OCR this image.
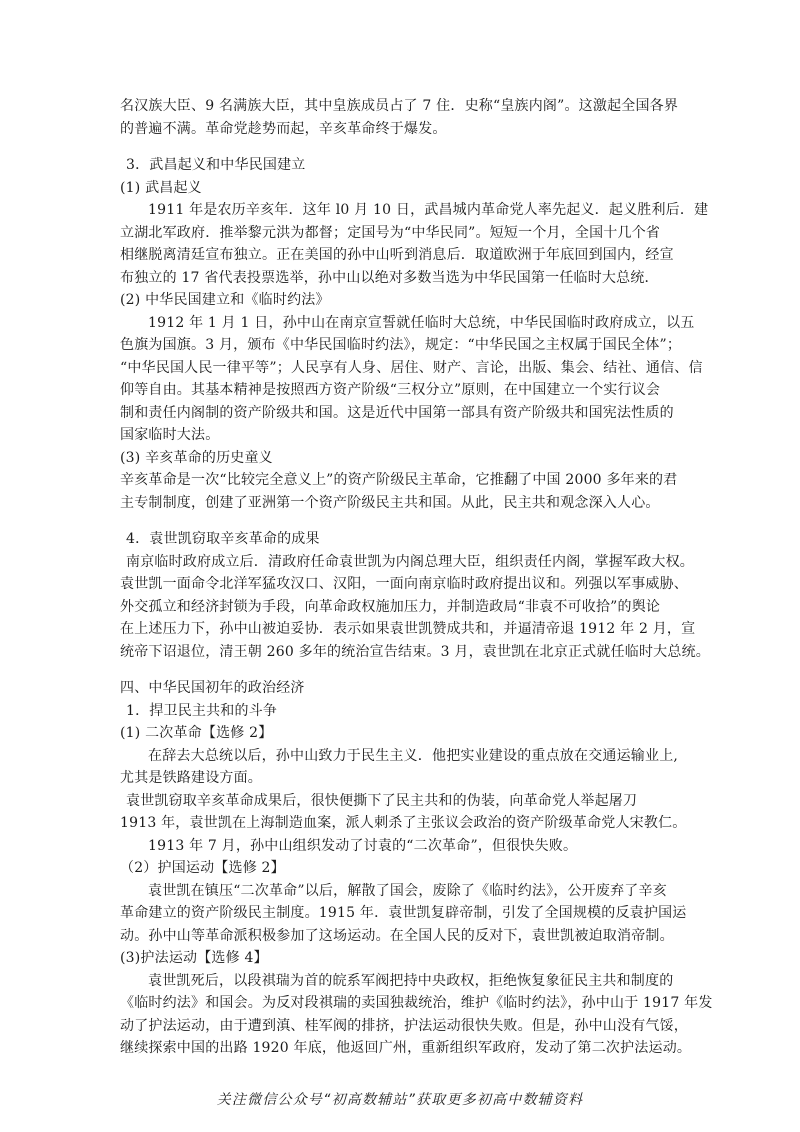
名汉族大臣、9 名满族大臣，其中皇族成员占了 7 住．史称“皇族内阁”。这激起全国各界
的普遍不满。革命党趁势而起，辛亥革命终于爆发。
3．武昌起义和中华民国建立
(1) 武昌起义
1911 年是农历辛亥年．这年 l0 月 10 日，武昌城内革命党人率先起义．起义胜利后．建
立湖北军政府．推举黎元洪为都督；定国号为“中华民同”。短短一个月，全国十几个省
相继脱离清廷宣布独立。正在美国的孙中山听到消息后．取道欧洲于年底回到国内，经宣
布独立的 17 省代表投票选举，孙中山以绝对多数当选为中华民国第一任临时大总统．
(2) 中华民国建立和《临时约法》
1912 年 1 月 1 日，孙中山在南京宣誓就任临时大总统，中华民国临时政府成立，以五
色旗为国旗。3 月，颁布《中华民国临时约法》，规定：“中华民国之主权属于国民全体”；
“中华民国人民一律平等”；人民享有人身、居住、财产、言论，出版、集会、结社、通信、信
仰等自由。其基本精神是按照西方资产阶级“三权分立”原则，在中国建立一个实行议会
制和责任内阁制的资产阶级共和国。这是近代中国第一部具有资产阶级共和国宪法性质的
国家临时大法。
(3) 辛亥革命的历史童义
辛亥革命是一次“比较完全意义上”的资产阶级民主革命，它推翻了中国 2000 多年来的君
主专制制度，创建了亚洲第一个资产阶级民主共和国。从此，民主共和观念深入人心。
4．袁世凯窃取辛亥革命的成果
南京临时政府成立后．清政府任命袁世凯为内阁总理大臣，组织责任内阁，掌握军政大权。
袁世凯一面命令北洋军猛攻汉口、汉阳，一面向南京临时政府提出议和。列强以军事威胁、
外交孤立和经济封锁为手段，向革命政权施加压力，并制造政局“非袁不可收拾”的舆论
在上述压力下，孙中山被迫妥协．表示如果袁世凯赞成共和，并逼清帝退 1912 年 2 月，宣
统帝下诏退位，清王朝 260 多年的统治宣告结束。3 月，袁世凯在北京正式就任临时大总统。
四、中华民国初年的政治经济
1．捍卫民主共和的斗争
(1) 二次革命【选修 2】
在辞去大总统以后，孙中山致力于民生主义．他把实业建设的重点放在交通运输业上,
尤其是铁路建设方面。
袁世凯窃取辛亥革命成果后，很快便撕下了民主共和的伪装，向革命党人举起屠刀
1913 年，袁世凯在上海制造血案，派人刺杀了主张议会政治的资产阶级革命党人宋教仁。
1913 年 7 月，孙中山组织发动了讨袁的“二次革命”，但很快失败。
（2）护国运动【选修 2】
袁世凯在镇压“二次革命”以后，解散了国会，废除了《临时约法》，公开废弃了辛亥
革命建立的资产阶级民主制度。1915 年．袁世凯复辟帝制，引发了全国规模的反袁护国运
动。孙中山等革命派积极参加了这场运动。在全国人民的反对下，袁世凯被迫取消帝制。
(3)护法运动【选修 4】
袁世凯死后，以段祺瑞为首的皖系军阀把持中央政权，拒绝恢复象征民主共和制度的
《临时约法》和国会。为反对段祺瑞的卖国独裁统治，维护《临时约法》，孙中山于 1917 年发
动了护法运动，由于遭到滇、桂军阀的排挤，护法运动很快失败。但是，孙中山没有气馁，
继续探索中国的出路 1920 年底，他返回广州，重新组织军政府，发动了第二次护法运动。
关注微信公众号“初高数辅站”获取更多初高中数辅资料
